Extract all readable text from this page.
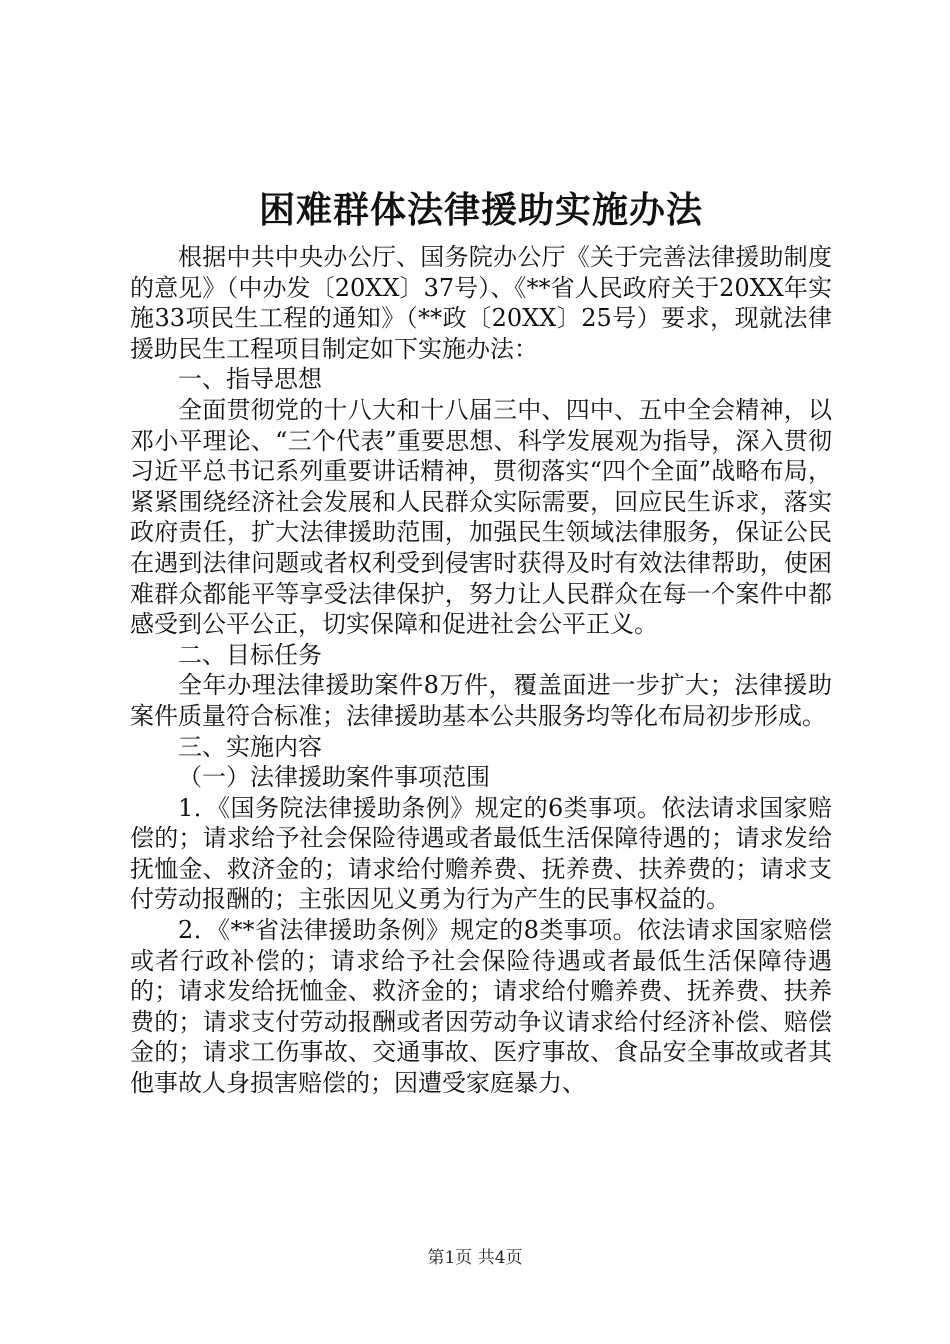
困难群体法律援助实施办法

根据中共中央办公厅、国务院办公厅《关于完善法律援助制度的意见》（中办发〔20XX〕37号）、《**省人民政府关于20XX年实施33项民生工程的通知》（**政〔20XX〕25号）要求，现就法律援助民生工程项目制定如下实施办法：

一、指导思想

全面贯彻党的十八大和十八届三中、四中、五中全会精神，以邓小平理论、“三个代表”重要思想、科学发展观为指导，深入贯彻习近平总书记系列重要讲话精神，贯彻落实“四个全面”战略布局，紧紧围绕经济社会发展和人民群众实际需要，回应民生诉求，落实政府责任，扩大法律援助范围，加强民生领域法律服务，保证公民在遇到法律问题或者权利受到侵害时获得及时有效法律帮助，使困难群众都能平等享受法律保护，努力让人民群众在每一个案件中都感受到公平公正，切实保障和促进社会公平正义。

二、目标任务

全年办理法律援助案件8万件，覆盖面进一步扩大；法律援助案件质量符合标准；法律援助基本公共服务均等化布局初步形成。

三、实施内容

（一）法律援助案件事项范围

1．《国务院法律援助条例》规定的6类事项。依法请求国家赔偿的；请求给予社会保险待遇或者最低生活保障待遇的；请求发给抚恤金、救济金的；请求给付赡养费、抚养费、扶养费的；请求支付劳动报酬的；主张因见义勇为行为产生的民事权益的。

2．《**省法律援助条例》规定的8类事项。依法请求国家赔偿或者行政补偿的；请求给予社会保险待遇或者最低生活保障待遇的；请求发给抚恤金、救济金的；请求给付赡养费、抚养费、扶养费的；请求支付劳动报酬或者因劳动争议请求给付经济补偿、赔偿金的；请求工伤事故、交通事故、医疗事故、食品安全事故或者其他事故人身损害赔偿的；因遭受家庭暴力、

第1页 共4页
